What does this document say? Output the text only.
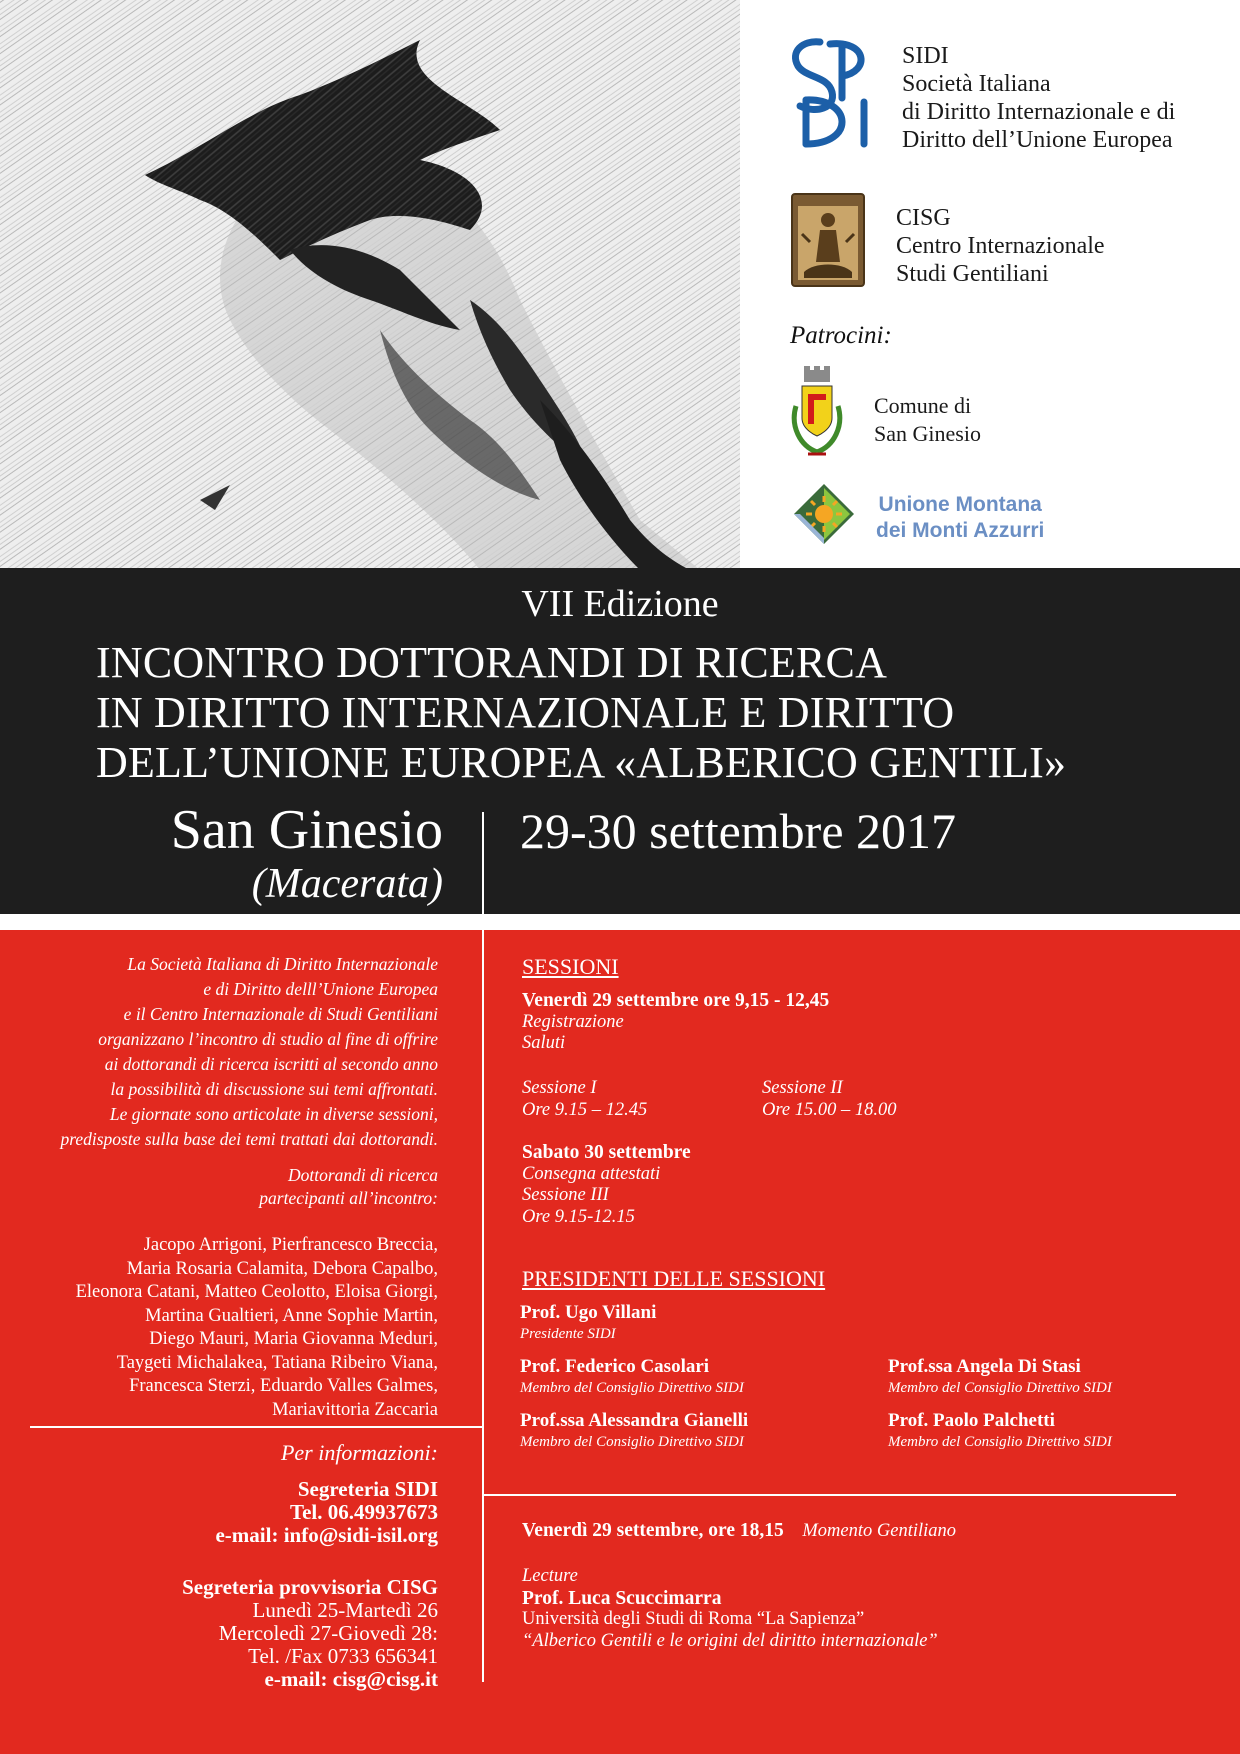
SIDI
Società Italiana
di Diritto Internazionale e di
Diritto dell’Unione Europea
CISG
Centro Internazionale
Studi Gentiliani
Patrocini:
Comune di
San Ginesio
Unione Montana
dei Monti Azzurri
VII Edizione
INCONTRO DOTTORANDI DI RICERCA
IN DIRITTO INTERNAZIONALE E DIRITTO
DELL’UNIONE EUROPEA «ALBERICO GENTILI»
San Ginesio
(Macerata)
29-30 settembre 2017
La Società Italiana di Diritto Internazionale
e di Diritto delll’Unione Europea
e il Centro Internazionale di Studi Gentiliani
organizzano l’incontro di studio al fine di offrire
ai dottorandi di ricerca iscritti al secondo anno
la possibilità di discussione sui temi affrontati.
Le giornate sono articolate in diverse sessioni,
predisposte sulla base dei temi trattati dai dottorandi.
Dottorandi di ricerca
partecipanti all’incontro:
Jacopo Arrigoni, Pierfrancesco Breccia,
Maria Rosaria Calamita, Debora Capalbo,
Eleonora Catani, Matteo Ceolotto, Eloisa Giorgi,
Martina Gualtieri, Anne Sophie Martin,
Diego Mauri, Maria Giovanna Meduri,
Taygeti Michalakea, Tatiana Ribeiro Viana,
Francesca Sterzi, Eduardo Valles Galmes,
Mariavittoria Zaccaria
Per informazioni:
Segreteria SIDI
Tel. 06.49937673
e-mail: info@sidi-isil.org
Segreteria provvisoria CISG
Lunedì 25-Martedì 26
Mercoledì 27-Giovedì 28:
Tel. /Fax 0733 656341
e-mail: cisg@cisg.it
SESSIONI
Venerdì 29 settembre ore 9,15 - 12,45
Registrazione
Saluti
Sessione I
Ore 9.15 – 12.45
Sessione II
Ore 15.00 – 18.00
Sabato 30 settembre
Consegna attestati
Sessione III
Ore 9.15-12.15
PRESIDENTI DELLE SESSIONI
Prof. Ugo Villani
Presidente SIDI
Prof. Federico Casolari
Membro del Consiglio Direttivo SIDI
Prof.ssa Angela Di Stasi
Membro del Consiglio Direttivo SIDI
Prof.ssa Alessandra Gianelli
Membro del Consiglio Direttivo SIDI
Prof. Paolo Palchetti
Membro del Consiglio Direttivo SIDI
Venerdì 29 settembre, ore 18,15 Momento Gentiliano
Lecture
Prof. Luca Scuccimarra
Università degli Studi di Roma “La Sapienza”
“Alberico Gentili e le origini del diritto internazionale”
